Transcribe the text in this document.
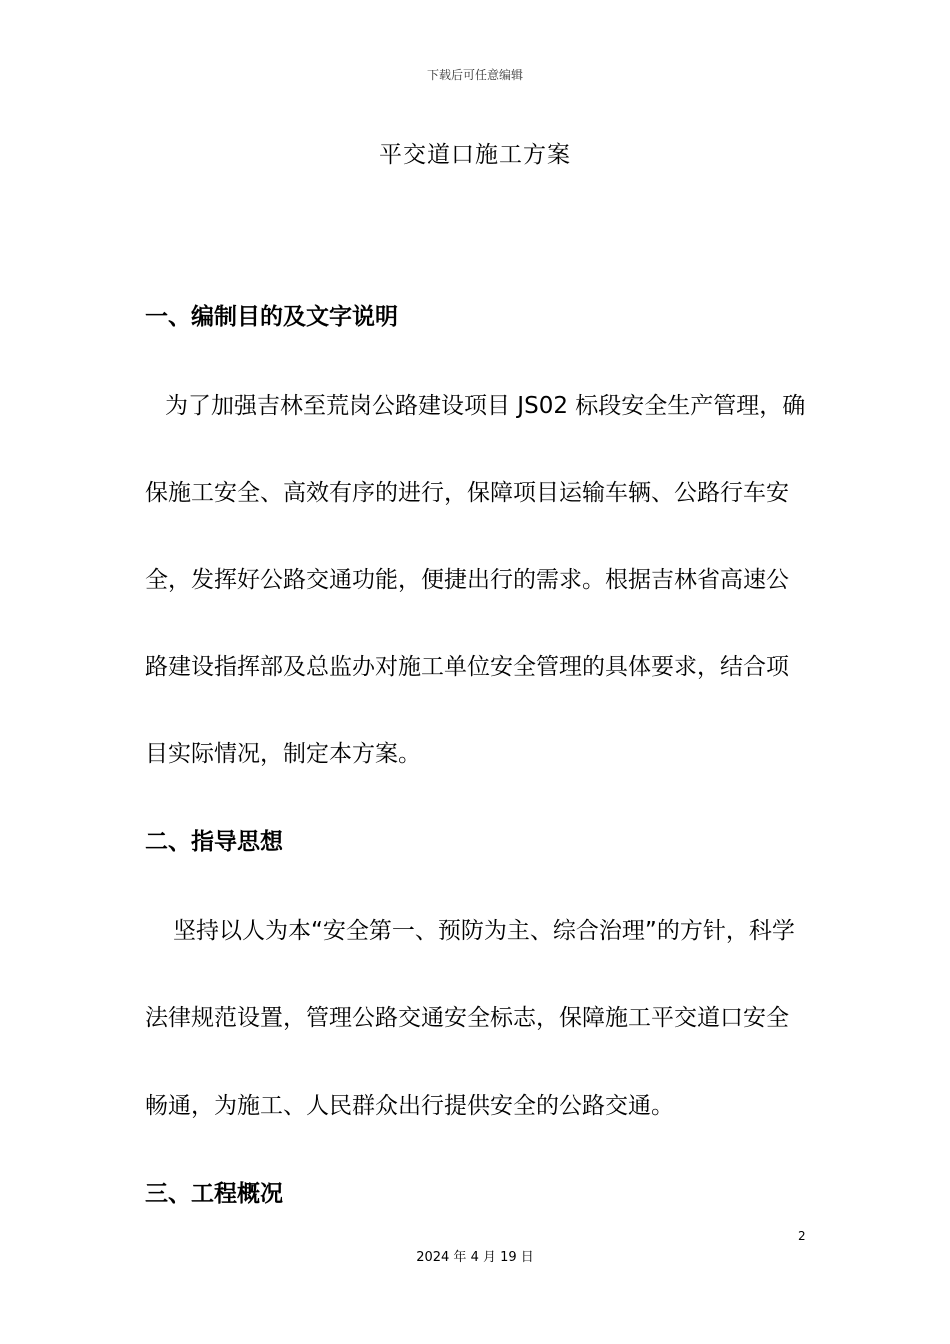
下载后可任意编辑
平交道口施工方案
一、编制目的及文字说明
为了加强吉林至荒岗公路建设项目 JS02 标段安全生产管理，确
保施工安全、高效有序的进行，保障项目运输车辆、公路行车安
全，发挥好公路交通功能，便捷出行的需求。根据吉林省高速公
路建设指挥部及总监办对施工单位安全管理的具体要求，结合项
目实际情况，制定本方案。
二、指导思想
坚持以人为本“安全第一、预防为主、综合治理”的方针，科学
法律规范设置，管理公路交通安全标志，保障施工平交道口安全
畅通，为施工、人民群众出行提供安全的公路交通。
三、工程概况
2
2024 年 4 月 19 日
